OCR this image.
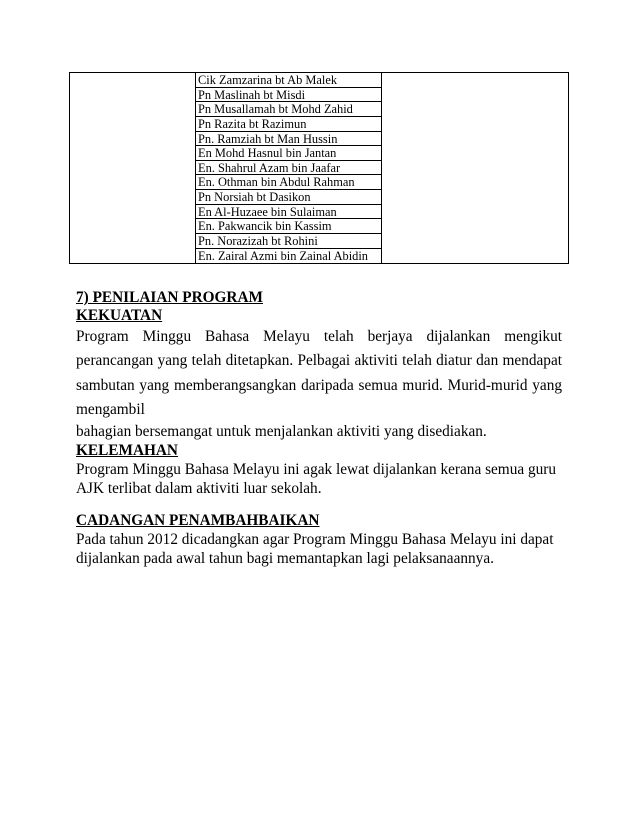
Cik Zamzarina bt Ab Malek
Pn Maslinah bt Misdi
Pn Musallamah bt Mohd Zahid
Pn Razita bt Razimun
Pn. Ramziah bt Man Hussin
En Mohd Hasnul bin Jantan
En. Shahrul Azam bin Jaafar
En. Othman bin Abdul Rahman
Pn Norsiah bt Dasikon
En Al-Huzaee bin Sulaiman
En. Pakwancik bin Kassim
Pn. Norazizah bt Rohini
En. Zairal Azmi bin Zainal Abidin
7) PENILAIAN PROGRAM
KEKUATAN

Program Minggu Bahasa Melayu telah berjaya dijalankan mengikut perancangan yang telah ditetapkan. Pelbagai aktiviti telah diatur dan mendapat sambutan yang memberangsangkan daripada semua murid. Murid-murid yang mengambil

bahagian bersemangat untuk menjalankan aktiviti yang disediakan.

KELEMAHAN

Program Minggu Bahasa Melayu ini agak lewat dijalankan kerana semua guru

AJK terlibat dalam aktiviti luar sekolah.

CADANGAN PENAMBAHBAIKAN

Pada tahun 2012 dicadangkan agar Program Minggu Bahasa Melayu ini dapat

dijalankan pada awal tahun bagi memantapkan lagi pelaksanaannya.
